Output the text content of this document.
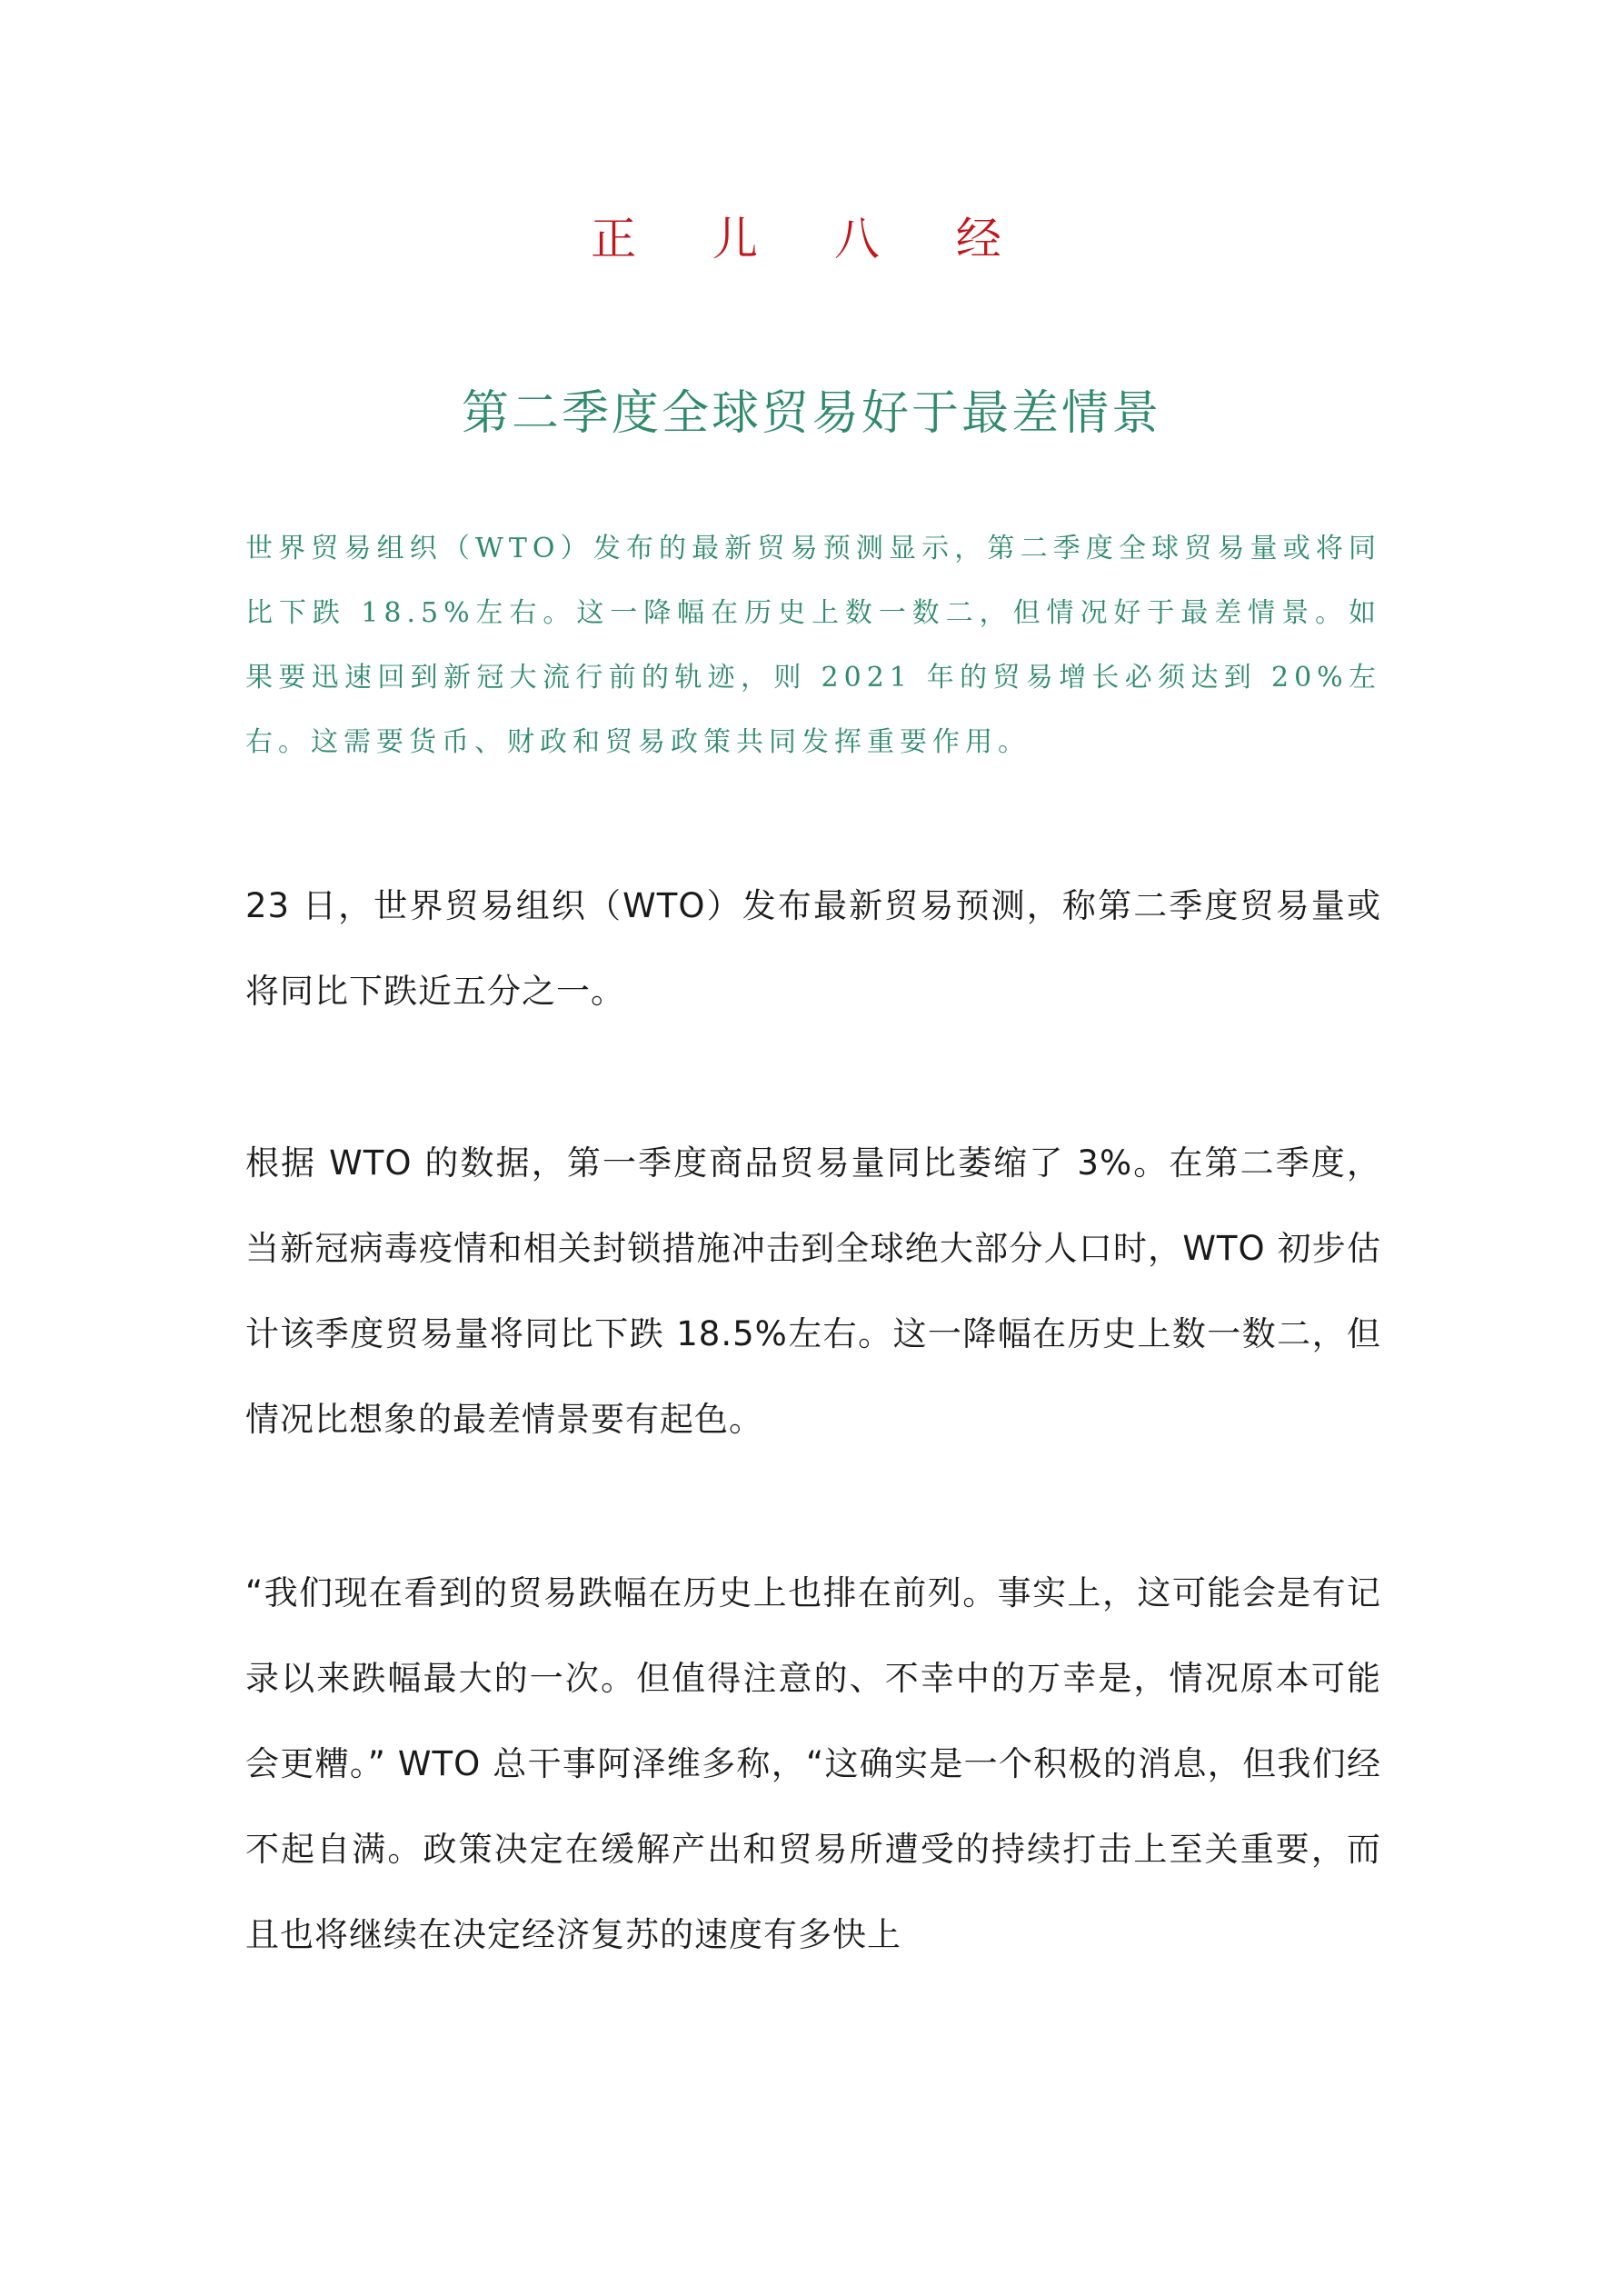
正 儿 八 经
第二季度全球贸易好于最差情景
世界贸易组织（WTO）发布的最新贸易预测显示，第二季度全球贸易量或将同比下跌 18.5%左右。这一降幅在历史上数一数二，但情况好于最差情景。如果要迅速回到新冠大流行前的轨迹，则 2021 年的贸易增长必须达到 20%左右。这需要货币、财政和贸易政策共同发挥重要作用。
23 日，世界贸易组织（WTO）发布最新贸易预测，称第二季度贸易量或将同比下跌近五分之一。
根据 WTO 的数据，第一季度商品贸易量同比萎缩了 3%。在第二季度，当新冠病毒疫情和相关封锁措施冲击到全球绝大部分人口时，WTO 初步估计该季度贸易量将同比下跌 18.5%左右。这一降幅在历史上数一数二，但情况比想象的最差情景要有起色。
“我们现在看到的贸易跌幅在历史上也排在前列。事实上，这可能会是有记录以来跌幅最大的一次。但值得注意的、不幸中的万幸是，情况原本可能会更糟。” WTO 总干事阿泽维多称，“这确实是一个积极的消息，但我们经不起自满。政策决定在缓解产出和贸易所遭受的持续打击上至关重要，而且也将继续在决定经济复苏的速度有多快上
